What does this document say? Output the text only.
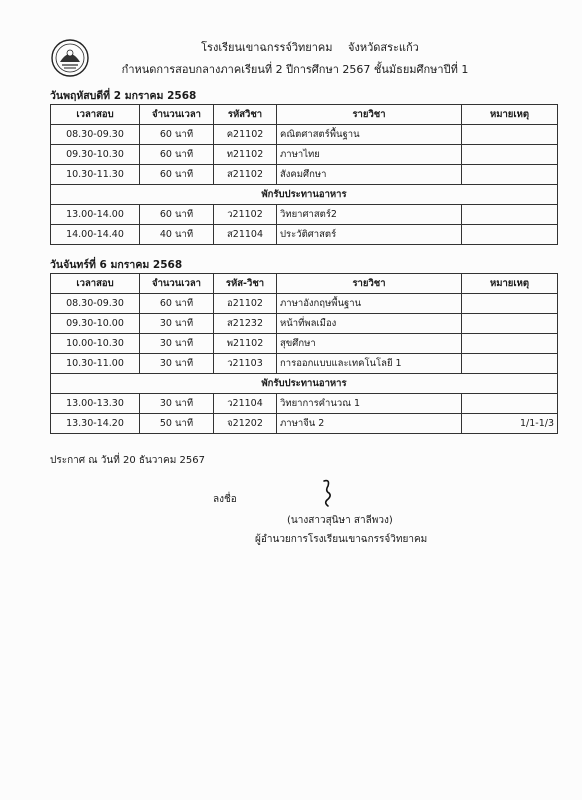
โรงเรียนเขาฉกรรจ์วิทยาคม จังหวัดสระแก้ว
กำหนดการสอบกลางภาคเรียนที่ 2 ปีการศึกษา 2567 ชั้นมัธยมศึกษาปีที่ 1
วันพฤหัสบดีที่ 2 มกราคม 2568
เวลาสอบ	จำนวนเวลา	รหัสวิชา	รายวิชา	หมายเหตุ
08.30-09.30	60 นาที	ค21102	คณิตศาสตร์พื้นฐาน	
09.30-10.30	60 นาที	ท21102	ภาษาไทย	
10.30-11.30	60 นาที	ส21102	สังคมศึกษา	
พักรับประทานอาหาร				
13.00-14.00	60 นาที	ว21102	วิทยาศาสตร์2	
14.00-14.40	40 นาที	ส21104	ประวัติศาสตร์	
วันจันทร์ที่ 6 มกราคม 2568
เวลาสอบ	จำนวนเวลา	รหัส-วิชา	รายวิชา	หมายเหตุ
08.30-09.30	60 นาที	อ21102	ภาษาอังกฤษพื้นฐาน	
09.30-10.00	30 นาที	ส21232	หน้าที่พลเมือง	
10.00-10.30	30 นาที	พ21102	สุขศึกษา	
10.30-11.00	30 นาที	ว21103	การออกแบบและเทคโนโลยี 1	
พักรับประทานอาหาร				
13.00-13.30	30 นาที	ว21104	วิทยาการคำนวณ 1	
13.30-14.20	50 นาที	จ21202	ภาษาจีน 2	1/1-1/3
ประกาศ ณ วันที่ 20 ธันวาคม 2567
ลงชื่อ
(นางสาวสุนิษา สาลีพวง)
ผู้อำนวยการโรงเรียนเขาฉกรรจ์วิทยาคม
